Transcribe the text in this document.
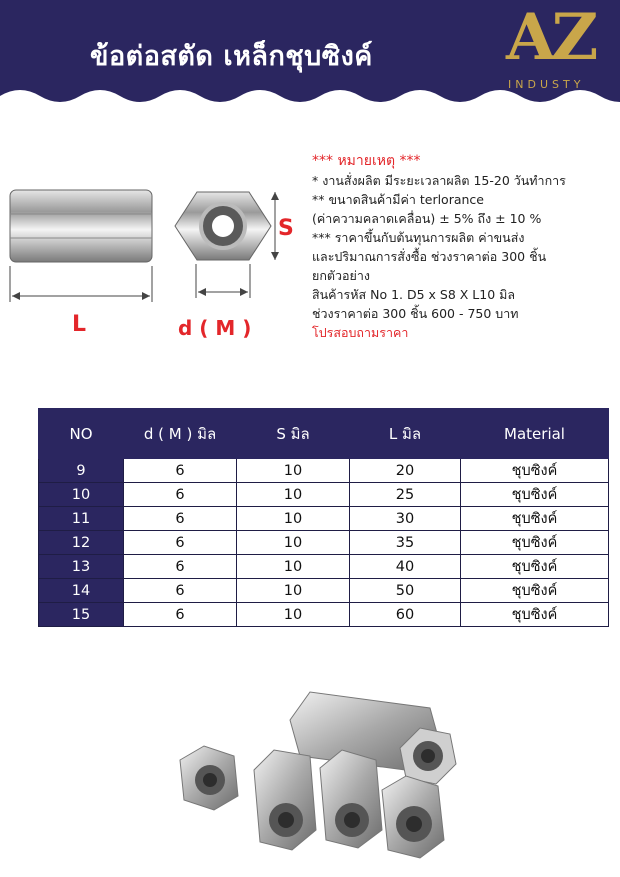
ข้อต่อสตัด เหล็กชุบซิงค์ AZ
INDUSTY
S
L	d ( M )
*** หมายเหตุ ***
* งานสั่งผลิต มีระยะเวลาผลิต 15-20 วันทำการ
** ขนาดสินค้ามีค่า terlorance
(ค่าความคลาดเคลื่อน) ± 5% ถึง ± 10 %
*** ราคาขึ้นกับต้นทุนการผลิต ค่าขนส่ง
และปริมาณการสั่งซื้อ ช่วงราคาต่อ 300 ชิ้น
ยกตัวอย่าง
สินค้ารหัส No 1. D5 x S8 X L10 มิล
ช่วงราคาต่อ 300 ชิ้น 600 - 750 บาท
โปรสอบถามราคา
NO	d ( M ) มิล	S มิล	L มิล	Material
9	6	10	20	ชุบซิงค์
10	6	10	25	ชุบซิงค์
11	6	10	30	ชุบซิงค์
12	6	10	35	ชุบซิงค์
13	6	10	40	ชุบซิงค์
14	6	10	50	ชุบซิงค์
15	6	10	60	ชุบซิงค์
